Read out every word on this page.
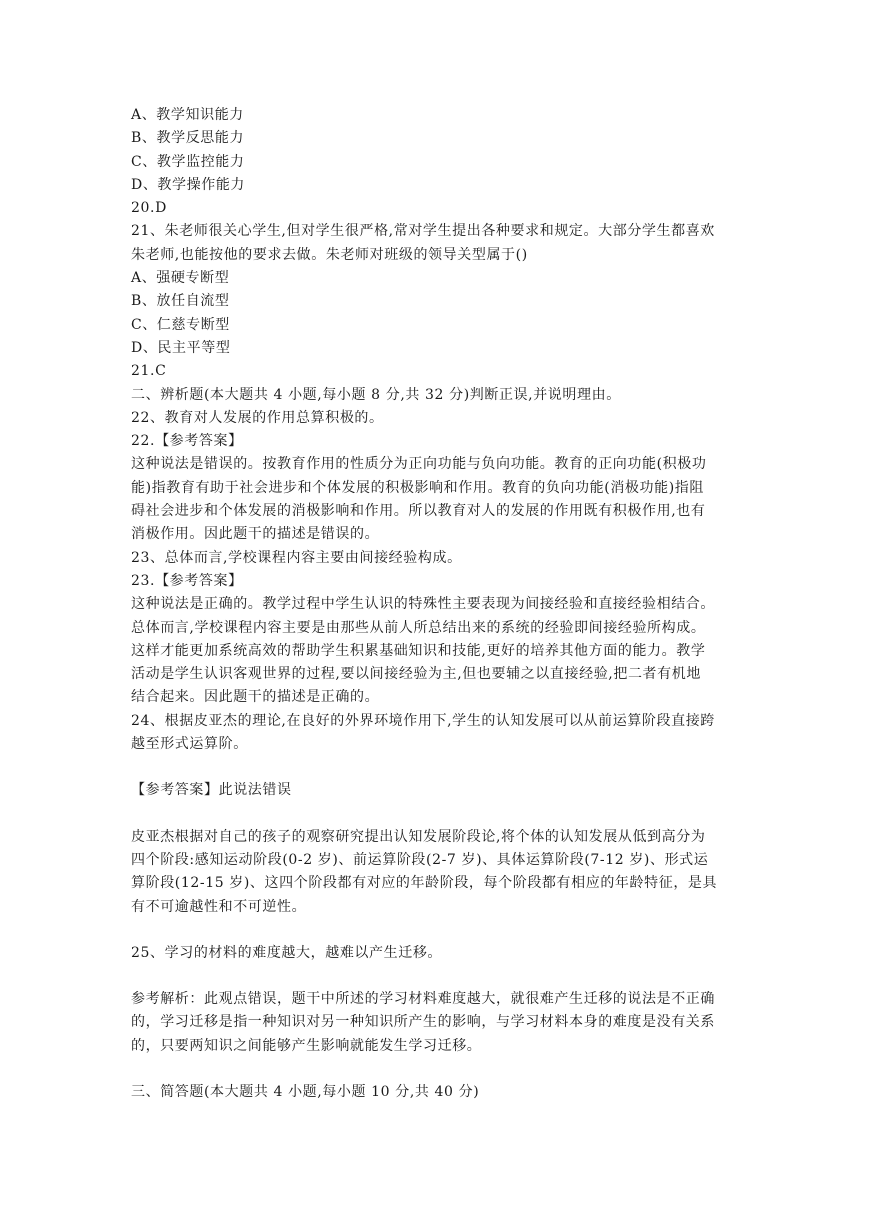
A、教学知识能力
B、教学反思能力
C、教学监控能力
D、教学操作能力
20.D
21、朱老师很关心学生,但对学生很严格,常对学生提出各种要求和规定。大部分学生都喜欢
朱老师,也能按他的要求去做。朱老师对班级的领导关型属于()
A、强硬专断型
B、放任自流型
C、仁慈专断型
D、民主平等型
21.C
二、辨析题(本大题共 4 小题,每小题 8 分,共 32 分)判断正误,并说明理由。
22、教育对人发展的作用总算积极的。
22.【参考答案】
这种说法是错误的。按教育作用的性质分为正向功能与负向功能。教育的正向功能(积极功
能)指教育有助于社会进步和个体发展的积极影响和作用。教育的负向功能(消极功能)指阻
碍社会进步和个体发展的消极影响和作用。所以教育对人的发展的作用既有积极作用,也有
消极作用。因此题干的描述是错误的。
23、总体而言,学校课程内容主要由间接经验构成。
23.【参考答案】
这种说法是正确的。教学过程中学生认识的特殊性主要表现为间接经验和直接经验相结合。
总体而言,学校课程内容主要是由那些从前人所总结出来的系统的经验即间接经验所构成。
这样才能更加系统高效的帮助学生积累基础知识和技能,更好的培养其他方面的能力。教学
活动是学生认识客观世界的过程,要以间接经验为主,但也要辅之以直接经验,把二者有机地
结合起来。因此题干的描述是正确的。
24、根据皮亚杰的理论,在良好的外界环境作用下,学生的认知发展可以从前运算阶段直接跨
越至形式运算阶。
【参考答案】此说法错误
皮亚杰根据对自己的孩子的观察研究提出认知发展阶段论,将个体的认知发展从低到高分为
四个阶段:感知运动阶段(0-2 岁)、前运算阶段(2-7 岁)、具体运算阶段(7-12 岁)、形式运
算阶段(12-15 岁)、这四个阶段都有对应的年龄阶段，每个阶段都有相应的年龄特征，是具
有不可逾越性和不可逆性。
25、学习的材料的难度越大，越难以产生迁移。
参考解析：此观点错误，题干中所述的学习材料难度越大，就很难产生迁移的说法是不正确
的，学习迁移是指一种知识对另一种知识所产生的影响，与学习材料本身的难度是没有关系
的，只要两知识之间能够产生影响就能发生学习迁移。
三、简答题(本大题共 4 小题,每小题 10 分,共 40 分)
